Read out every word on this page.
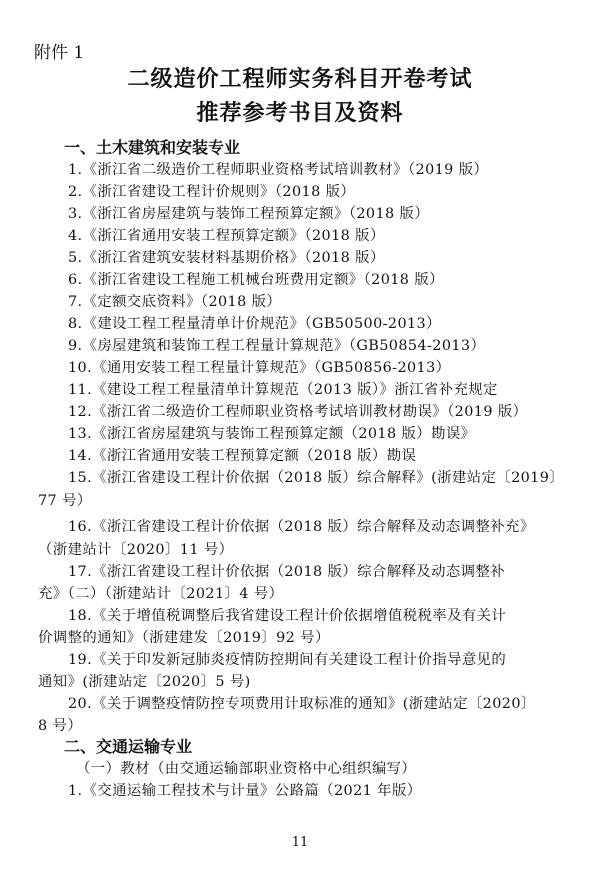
附件 1
二级造价工程师实务科目开卷考试
推荐参考书目及资料
一、土木建筑和安装专业
1.《浙江省二级造价工程师职业资格考试培训教材》（2019 版）
2.《浙江省建设工程计价规则》（2018 版）
3.《浙江省房屋建筑与装饰工程预算定额》（2018 版）
4.《浙江省通用安装工程预算定额》（2018 版）
5.《浙江省建筑安装材料基期价格》（2018 版）
6.《浙江省建设工程施工机械台班费用定额》（2018 版）
7.《定额交底资料》（2018 版）
8.《建设工程工程量清单计价规范》（GB50500-2013）
9.《房屋建筑和装饰工程工程量计算规范》（GB50854-2013）
10.《通用安装工程工程量计算规范》（GB50856-2013）
11.《建设工程工程量清单计算规范（2013 版）》浙江省补充规定
12.《浙江省二级造价工程师职业资格考试培训教材勘误》（2019 版）
13.《浙江省房屋建筑与装饰工程预算定额（2018 版）勘误》
14.《浙江省通用安装工程预算定额（2018 版）勘误
15.《浙江省建设工程计价依据（2018 版）综合解释》(浙建站定〔2019〕
77 号）
16.《浙江省建设工程计价依据（2018 版）综合解释及动态调整补充》
（浙建站计〔2020〕11 号）
17.《浙江省建设工程计价依据（2018 版）综合解释及动态调整补
充》（二）（浙建站计〔2021〕4 号）
18.《关于增值税调整后我省建设工程计价依据增值税税率及有关计
价调整的通知》（浙建建发〔2019〕92 号）
19.《关于印发新冠肺炎疫情防控期间有关建设工程计价指导意见的
通知》(浙建站定〔2020〕5 号)
20.《关于调整疫情防控专项费用计取标准的通知》(浙建站定〔2020〕
8 号）
二、交通运输专业
（一）教材（由交通运输部职业资格中心组织编写）
1.《交通运输工程技术与计量》公路篇（2021 年版）
11
